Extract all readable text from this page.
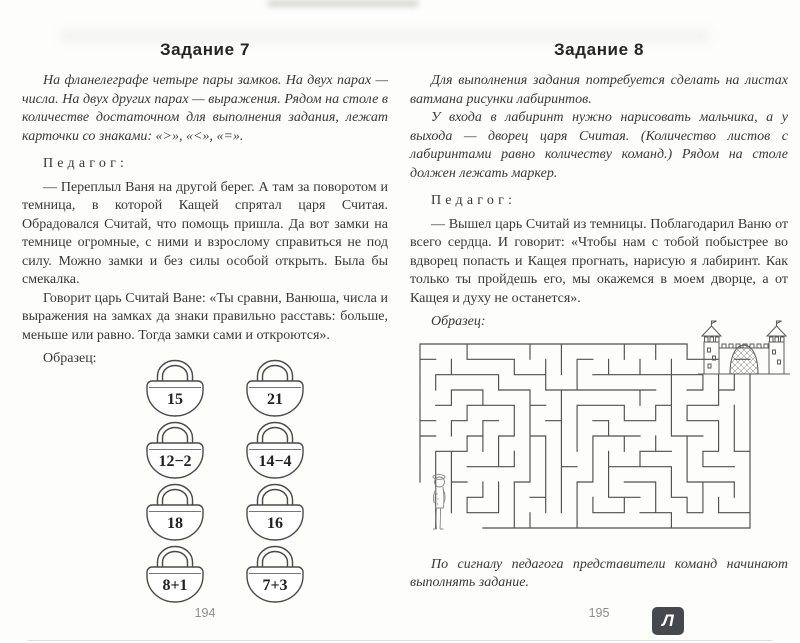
Задание 7

На фланелеграфе четыре пары замков. На двух парах — числа. На двух других парах — выражения. Рядом на столе в количестве достаточном для выполнения задания, лежат карточки со знаками: «>», «<», «=».

Педагог:

— Переплыл Ваня на другой берег. А там за поворотом и темница, в которой Кащей спрятал царя Считая. Обрадовался Считай, что помощь пришла. Да вот замки на темнице огромные, с ними и взрослому справиться не под силу. Можно замки и без силы особой открыть. Была бы смекалка.

Говорит царь Считай Ване: «Ты сравни, Ванюша, числа и выражения на замках да знаки правильно расставь: больше, меньше или равно. Тогда замки сами и откроются».

Образец:

15	21
12−2	14−4
18	16
8+1	7+3
194
Задание 8

Для выполнения задания потребуется сделать на листах ватмана рисунки лабиринтов.

У входа в лабиринт нужно нарисовать мальчика, а у выхода — дворец царя Считая. (Количество листов с лабиринтами равно количеству команд.) Рядом на столе должен лежать маркер.

Педагог:

— Вышел царь Считай из темницы. Поблагодарил Ваню от всего сердца. И говорит: «Чтобы нам с тобой побыстрее во вдворец попасть и Кащея прогнать, нарисую я лабиринт. Как только ты пройдешь его, мы окажемся в моем дворце, а от Кащея и духу не останется».

Образец:

По сигналу педагога представители команд начинают выполнять задание.

195	Л
